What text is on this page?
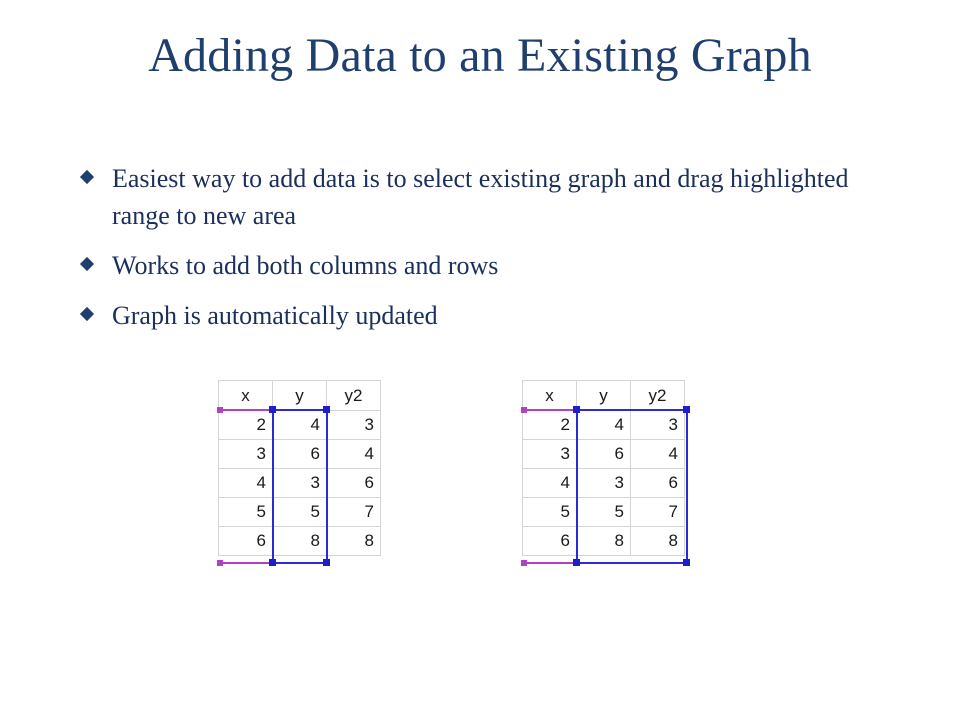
Adding Data to an Existing Graph
Easiest way to add data is to select existing graph and drag highlighted range to new area
Works to add both columns and rows
Graph is automatically updated
x	y	y2
2	4	3
3	6	4
4	3	6
5	5	7
6	8	8
x	y	y2
2	4	3
3	6	4
4	3	6
5	5	7
6	8	8
